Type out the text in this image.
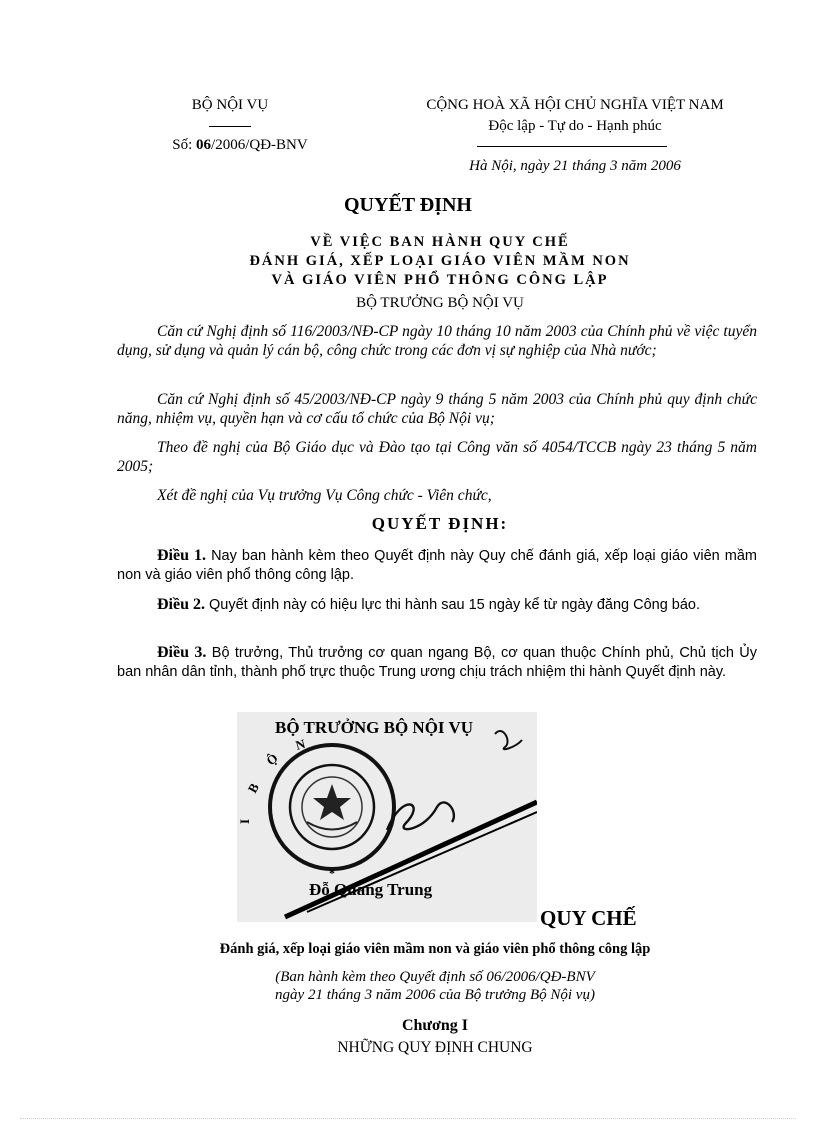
BỘ NỘI VỤ
Số: 06/2006/QĐ-BNV
CỘNG HOÀ XÃ HỘI CHỦ NGHĨA VIỆT NAM
Độc lập - Tự do - Hạnh phúc
Hà Nội, ngày 21 tháng 3 năm 2006
QUYẾT ĐỊNH
VỀ VIỆC BAN HÀNH QUY CHẾ
ĐÁNH GIÁ, XẾP LOẠI GIÁO VIÊN MẦM NON
VÀ GIÁO VIÊN PHỔ THÔNG CÔNG LẬP
BỘ TRƯỞNG BỘ NỘI VỤ
Căn cứ Nghị định số 116/2003/NĐ-CP ngày 10 tháng 10 năm 2003 của Chính phủ về việc tuyển dụng, sử dụng và quản lý cán bộ, công chức trong các đơn vị sự nghiệp của Nhà nước;
Căn cứ Nghị định số 45/2003/NĐ-CP ngày 9 tháng 5 năm 2003 của Chính phủ quy định chức năng, nhiệm vụ, quyền hạn và cơ cấu tổ chức của Bộ Nội vụ;
Theo đề nghị của Bộ Giáo dục và Đào tạo tại Công văn số 4054/TCCB ngày 23 tháng 5 năm 2005;
Xét đề nghị của Vụ trưởng Vụ Công chức - Viên chức,
QUYẾT ĐỊNH:
Điều 1. Nay ban hành kèm theo Quyết định này Quy chế đánh giá, xếp loại giáo viên mầm non và giáo viên phổ thông công lập.
Điều 2. Quyết định này có hiệu lực thi hành sau 15 ngày kể từ ngày đăng Công báo.
Điều 3. Bộ trưởng, Thủ trưởng cơ quan ngang Bộ, cơ quan thuộc Chính phủ, Chủ tịch Ủy ban nhân dân tỉnh, thành phố trực thuộc Trung ương chịu trách nhiệm thi hành Quyết định này.
B
Ộ
N
I
*
BỘ TRƯỞNG BỘ NỘI VỤ
Đỗ Quang Trung
QUY CHẾ
Đánh giá, xếp loại giáo viên mầm non và giáo viên phổ thông công lập
(Ban hành kèm theo Quyết định số 06/2006/QĐ-BNV
ngày 21 tháng 3 năm 2006 của Bộ trưởng Bộ Nội vụ)
Chương I
NHỮNG QUY ĐỊNH CHUNG
